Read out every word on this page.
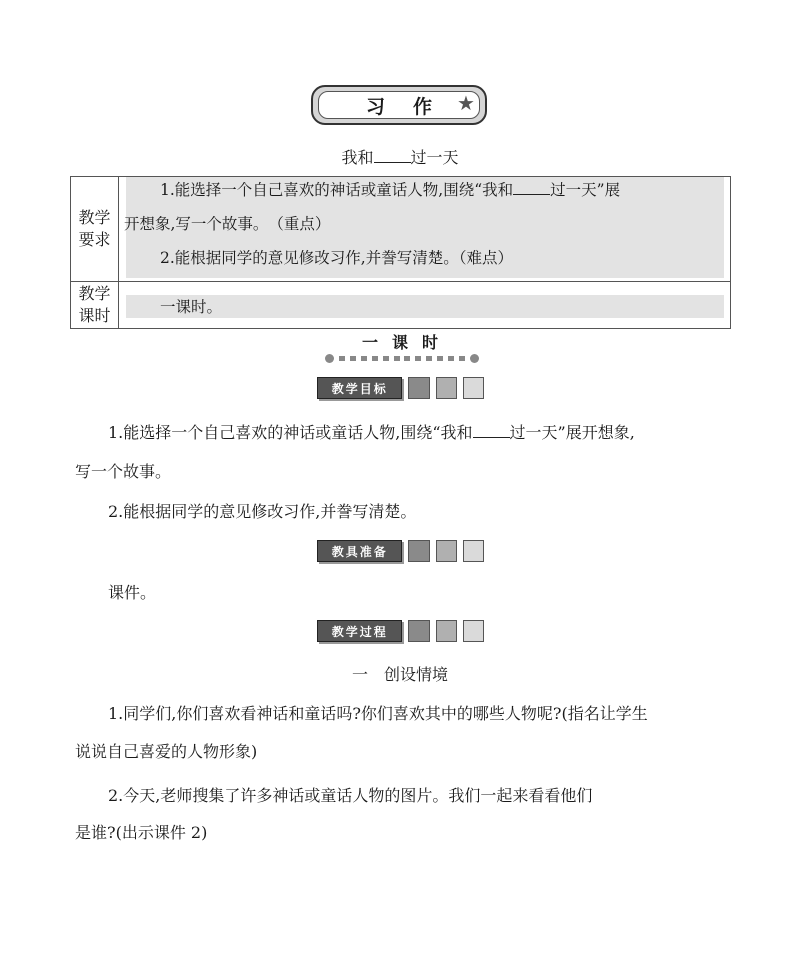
习作
★
我和 过一天
教学
要求
教学
课时
1.能选择一个自己喜欢的神话或童话人物,围绕“我和 过一天”展
开想象,写一个故事。　（重点）
2.能根据同学的意见修改习作,并誊写清楚。（难点）
一课时。
一课时
教学目标
1.能选择一个自己喜欢的神话或童话人物,围绕“我和 过一天”展开想象,
写一个故事。
2.能根据同学的意见修改习作,并誊写清楚。
教具准备
课件。
教学过程
一　创设情境
1.同学们,你们喜欢看神话和童话吗?你们喜欢其中的哪些人物呢?(指名让学生
说说自己喜爱的人物形象)
2.今天,老师搜集了许多神话或童话人物的图片。我们一起来看看他们
是谁?(出示课件 2)
